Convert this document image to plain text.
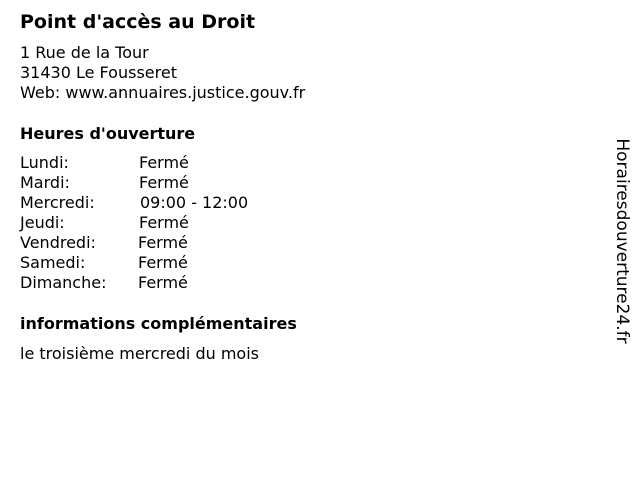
Point d'accès au Droit
1 Rue de la Tour
31430 Le Fousseret
Web: www.annuaires.justice.gouv.fr
Heures d'ouverture
Lundi:	Fermé
Mardi:	Fermé
Mercredi:	09:00 - 12:00
Jeudi:	Fermé
Vendredi:	Fermé
Samedi:	Fermé
Dimanche: Fermé
informations complémentaires
le troisième mercredi du mois
Horairesdouverture24.fr
